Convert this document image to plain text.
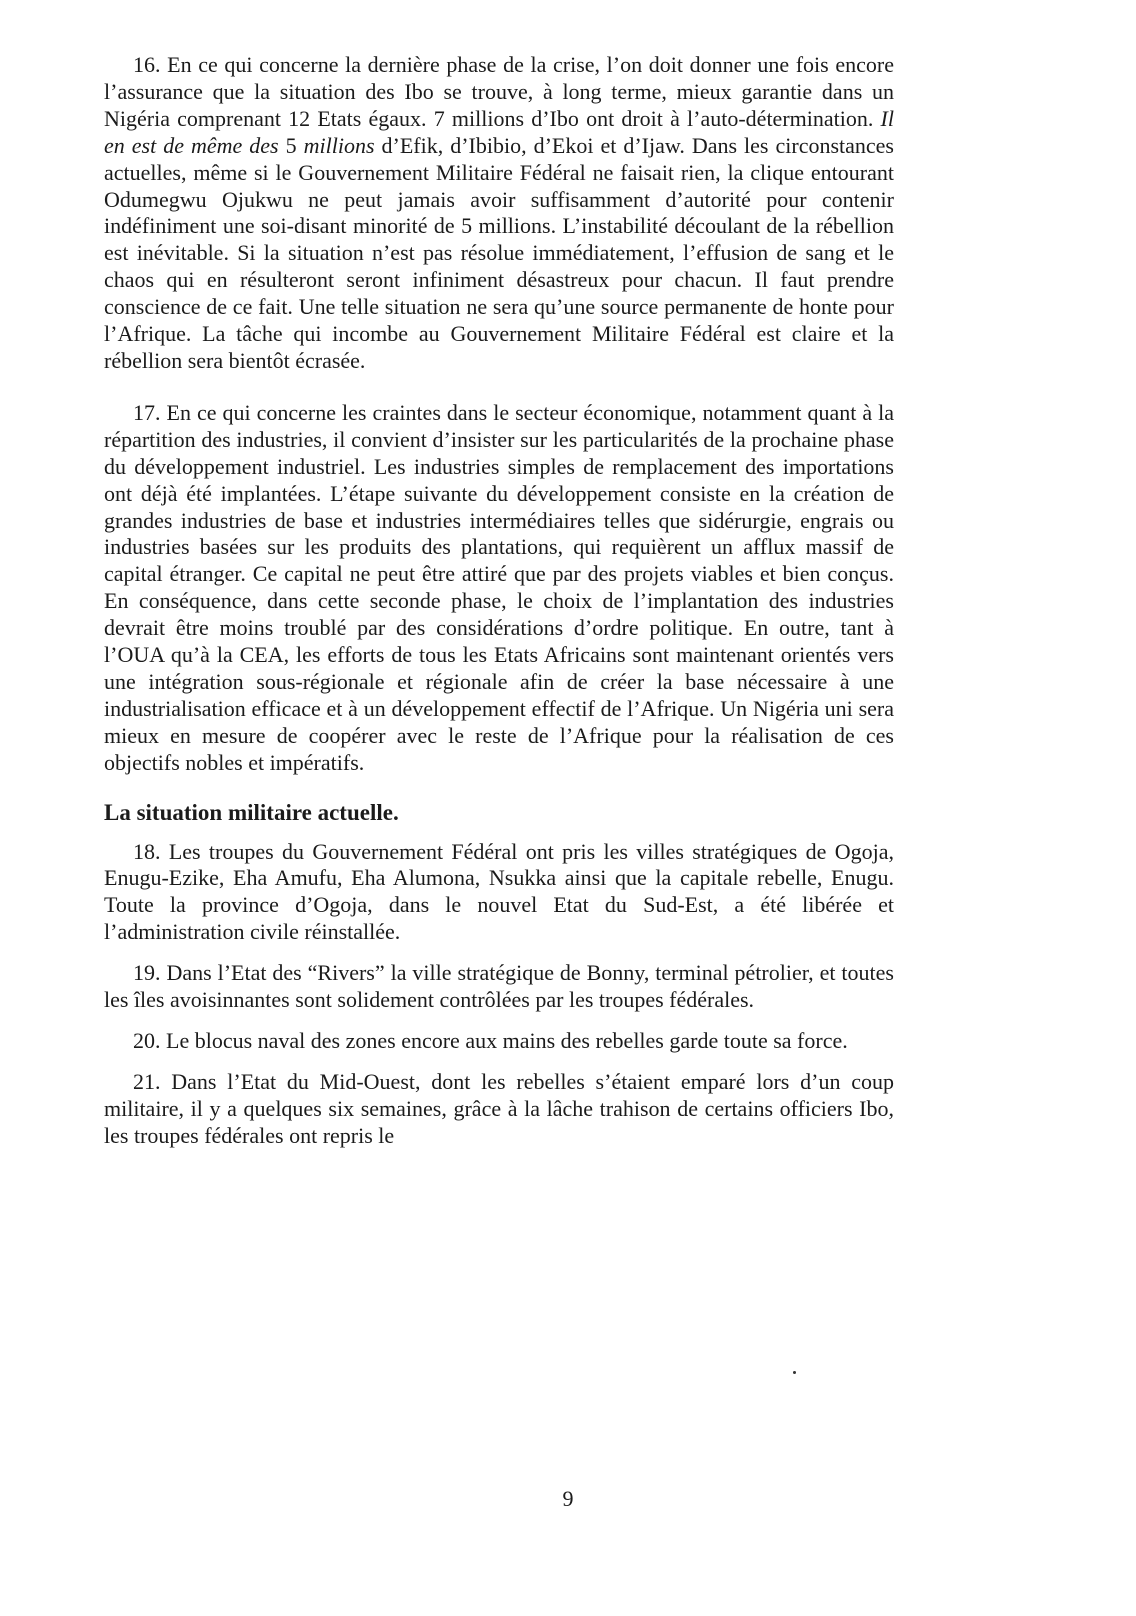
16. En ce qui concerne la dernière phase de la crise, l’on doit donner une fois encore l’assurance que la situation des Ibo se trouve, à long terme, mieux garantie dans un Nigéria comprenant 12 Etats égaux. 7 millions d’Ibo ont droit à l’auto-détermination. Il en est de même des 5 millions d’Efik, d’Ibibio, d’Ekoi et d’Ijaw. Dans les circonstances actuelles, même si le Gouvernement Militaire Fédéral ne faisait rien, la clique entourant Odumegwu Ojukwu ne peut jamais avoir suffisamment d’autorité pour contenir indéfiniment une soi-disant minorité de 5 millions. L’instabilité découlant de la rébellion est inévitable. Si la situation n’est pas résolue immédiatement, l’effusion de sang et le chaos qui en résulteront seront infiniment désastreux pour chacun. Il faut prendre conscience de ce fait. Une telle situation ne sera qu’une source permanente de honte pour l’Afrique. La tâche qui incombe au Gouvernement Militaire Fédéral est claire et la rébellion sera bientôt écrasée.

17. En ce qui concerne les craintes dans le secteur économique, notamment quant à la répartition des industries, il convient d’insister sur les particularités de la prochaine phase du développement industriel. Les industries simples de remplacement des importations ont déjà été implantées. L’étape suivante du développement consiste en la création de grandes industries de base et industries intermédiaires telles que sidérurgie, engrais ou industries basées sur les produits des plantations, qui requièrent un afflux massif de capital étranger. Ce capital ne peut être attiré que par des projets viables et bien conçus. En conséquence, dans cette seconde phase, le choix de l’implantation des industries devrait être moins troublé par des considérations d’ordre politique. En outre, tant à l’OUA qu’à la CEA, les efforts de tous les Etats Africains sont maintenant orientés vers une intégration sous-régionale et régionale afin de créer la base nécessaire à une industrialisation efficace et à un développement effectif de l’Afrique. Un Nigéria uni sera mieux en mesure de coopérer avec le reste de l’Afrique pour la réalisation de ces objectifs nobles et impératifs.

La situation militaire actuelle.

18. Les troupes du Gouvernement Fédéral ont pris les villes stratégiques de Ogoja, Enugu-Ezike, Eha Amufu, Eha Alumona, Nsukka ainsi que la capitale rebelle, Enugu. Toute la province d’Ogoja, dans le nouvel Etat du Sud-Est, a été libérée et l’administration civile réinstallée.

19. Dans l’Etat des “Rivers” la ville stratégique de Bonny, terminal pétrolier, et toutes les îles avoisinnantes sont solidement contrôlées par les troupes fédérales.

20. Le blocus naval des zones encore aux mains des rebelles garde toute sa force.

21. Dans l’Etat du Mid-Ouest, dont les rebelles s’étaient emparé lors d’un coup militaire, il y a quelques six semaines, grâce à la lâche trahison de certains officiers Ibo, les troupes fédérales ont repris le

9
